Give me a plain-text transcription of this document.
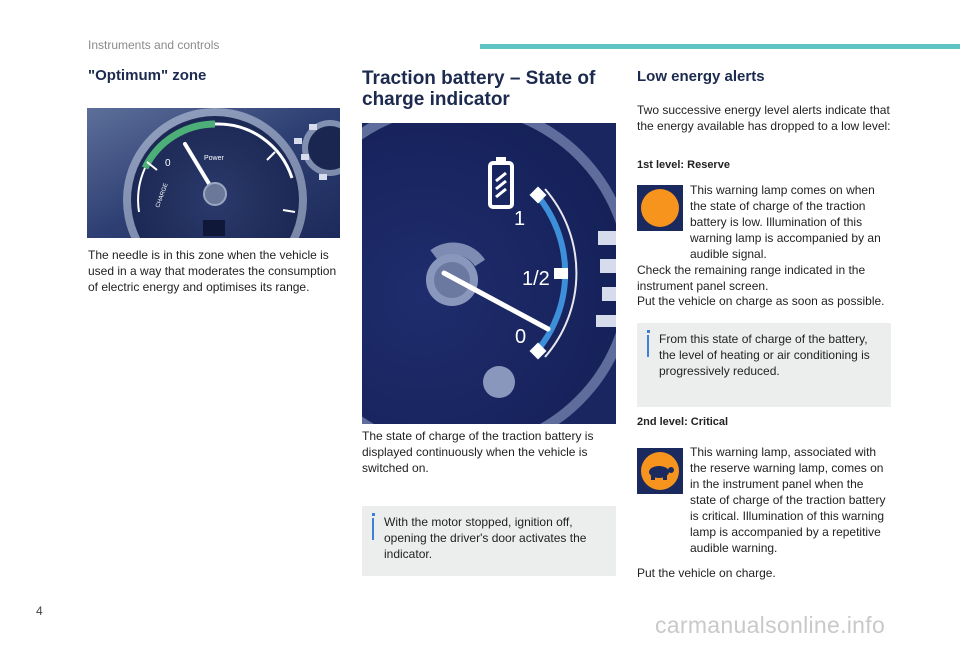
Instruments and controls
"Optimum" zone
0	Power
CHARGE

The needle is in this zone when the vehicle is used in a way that moderates the consumption of electric energy and optimises its range.

Traction battery – State of
charge indicator
1
1/2
0

The state of charge of the traction battery is displayed continuously when the vehicle is switched on.

With the motor stopped, ignition off, opening the driver's door activates the indicator.
Low energy alerts

Two successive energy level alerts indicate that the energy available has dropped to a low level:

1st level: Reserve

This warning lamp comes on when the state of charge of the traction battery is low. Illumination of this warning lamp is accompanied by an audible signal.

Check the remaining range indicated in the instrument panel screen.

Put the vehicle on charge as soon as possible.

From this state of charge of the battery, the level of heating or air conditioning is progressively reduced.
2nd level: Critical

This warning lamp, associated with the reserve warning lamp, comes on in the instrument panel when the state of charge of the traction battery is critical. Illumination of this warning lamp is accompanied by a repetitive audible warning.

Put the vehicle on charge.

4
carmanualsonline.info
